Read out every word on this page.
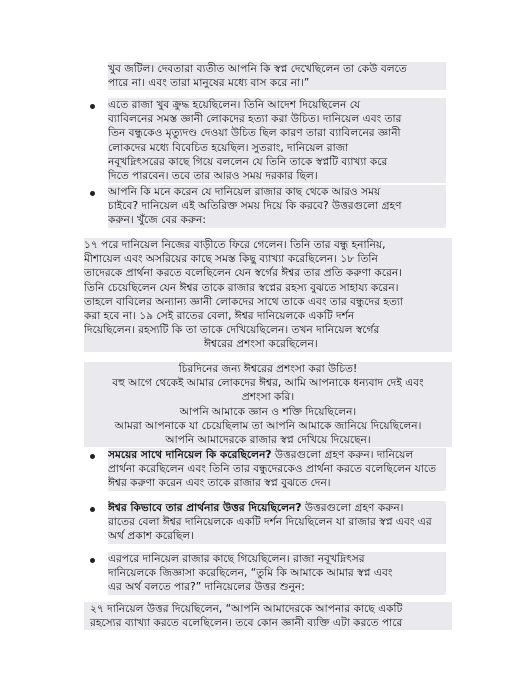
খুব জটিল। দেবতারা ব্যতীত আপনি কি স্বপ্ন দেখেছিলেন তা কেউ বলতে

পারে না। এবং তারা মানুষের মধ্যে বাস করে না।”

এতে রাজা খুব ক্রুদ্ধ হয়েছিলেন। তিনি আদেশ দিয়েছিলেন যে

ব্যাবিলনের সমস্ত জ্ঞানী লোকদের হত্যা করা উচিত। দানিয়েল এবং তার

তিন বন্ধুকেও মৃত্যুদণ্ড দেওয়া উচিত ছিল কারণ তারা ব্যাবিলনের জ্ঞানী

লোকদের মধ্যে বিবেচিত হয়েছিল। সুতরাং, দানিয়েল রাজা

নবূখদ্নিৎসরের কাছে গিয়ে বললেন যে তিনি তাকে স্বপ্নটি ব্যাখ্যা করে

দিতে পারবেন। তবে তার আরও সময় দরকার ছিল।

আপনি কি মনে করেন যে দানিয়েল রাজার কাছ থেকে আরও সময়

চাইবে? দানিয়েল এই অতিরিক্ত সময় দিয়ে কি করবে? উত্তরগুলো গ্রহণ

করুন। খুঁজে বের করুন:

১৭ পরে দানিয়েল নিজের বাড়ীতে ফিরে গেলেন। তিনি তার বন্ধু হনানিয়,

মীশায়েল এবং অসরিয়ের কাছে সমস্ত কিছু ব্যাখ্যা করেছিলেন। ১৮ তিনি

তাদেরকে প্রার্থনা করতে বলেছিলেন যেন স্বর্গের ঈশ্বর তার প্রতি করুণা করেন।

তিনি চেয়েছিলেন যেন ঈশ্বর তাকে রাজার স্বপ্নের রহস্য বুঝতে সাহায্য করেন।

তাহলে বাবিলের অন্যান্য জ্ঞানী লোকদের সাথে তাকে এবং তার বন্ধুদের হত্যা

করা হবে না। ১৯ সেই রাতের বেলা, ঈশ্বর দানিয়েলকে একটি দর্শন

দিয়েছিলেন। রহস্যটি কি তা তাকে দেখিয়েছিলেন। তখন দানিয়েল স্বর্গের

ঈশ্বরের প্রশংসা করেছিলেন।

চিরদিনের জন্য ঈশ্বরের প্রশংসা করা উচিত!

বহু আগে থেকেই আমার লোকদের ঈশ্বর, আমি আপনাকে ধন্যবাদ দেই এবং

প্রশংসা করি।

আপনি আমাকে জ্ঞান ও শক্তি দিয়েছিলেন।

আমরা আপনাকে যা চেয়েছিলাম তা আপনি আমাকে জানিয়ে দিয়েছিলেন।

আপনি আমাদেরকে রাজার স্বপ্ন দেখিয়ে দিয়েছেন।

সময়ের সাথে দানিয়েল কি করেছিলেন? উত্তরগুলো গ্রহণ করুন। দানিয়েল

প্রার্থনা করেছিলেন এবং তিনি তার বন্ধুদেরকেও প্রার্থনা করতে বলেছিলেন যাতে

ঈশ্বর করুণা করেন এবং তাকে রাজার স্বপ্ন বুঝতে দেন।

ঈশ্বর কিভাবে তার প্রার্থনার উত্তর দিয়েছিলেন? উত্তরগুলো গ্রহণ করুন।

রাতের বেলা ঈশ্বর দানিয়েলকে একটি দর্শন দিয়েছিলেন যা রাজার স্বপ্ন এবং এর

অর্থ প্রকাশ করেছিল।

এরপরে দানিয়েল রাজার কাছে গিয়েছিলেন। রাজা নবূখদ্নিৎসর

দানিয়েলকে জিজ্ঞাসা করেছিলেন, “তুমি কি আমাকে আমার স্বপ্ন এবং

এর অর্থ বলতে পার?” দানিয়েলের উত্তর শুনুন:

২৭ দানিয়েল উত্তর দিয়েছিলেন, “আপনি আমাদেরকে আপনার কাছে একটি

রহস্যের ব্যাখ্যা করতে বলেছিলেন। তবে কোন জ্ঞানী ব্যক্তি এটা করতে পারে
